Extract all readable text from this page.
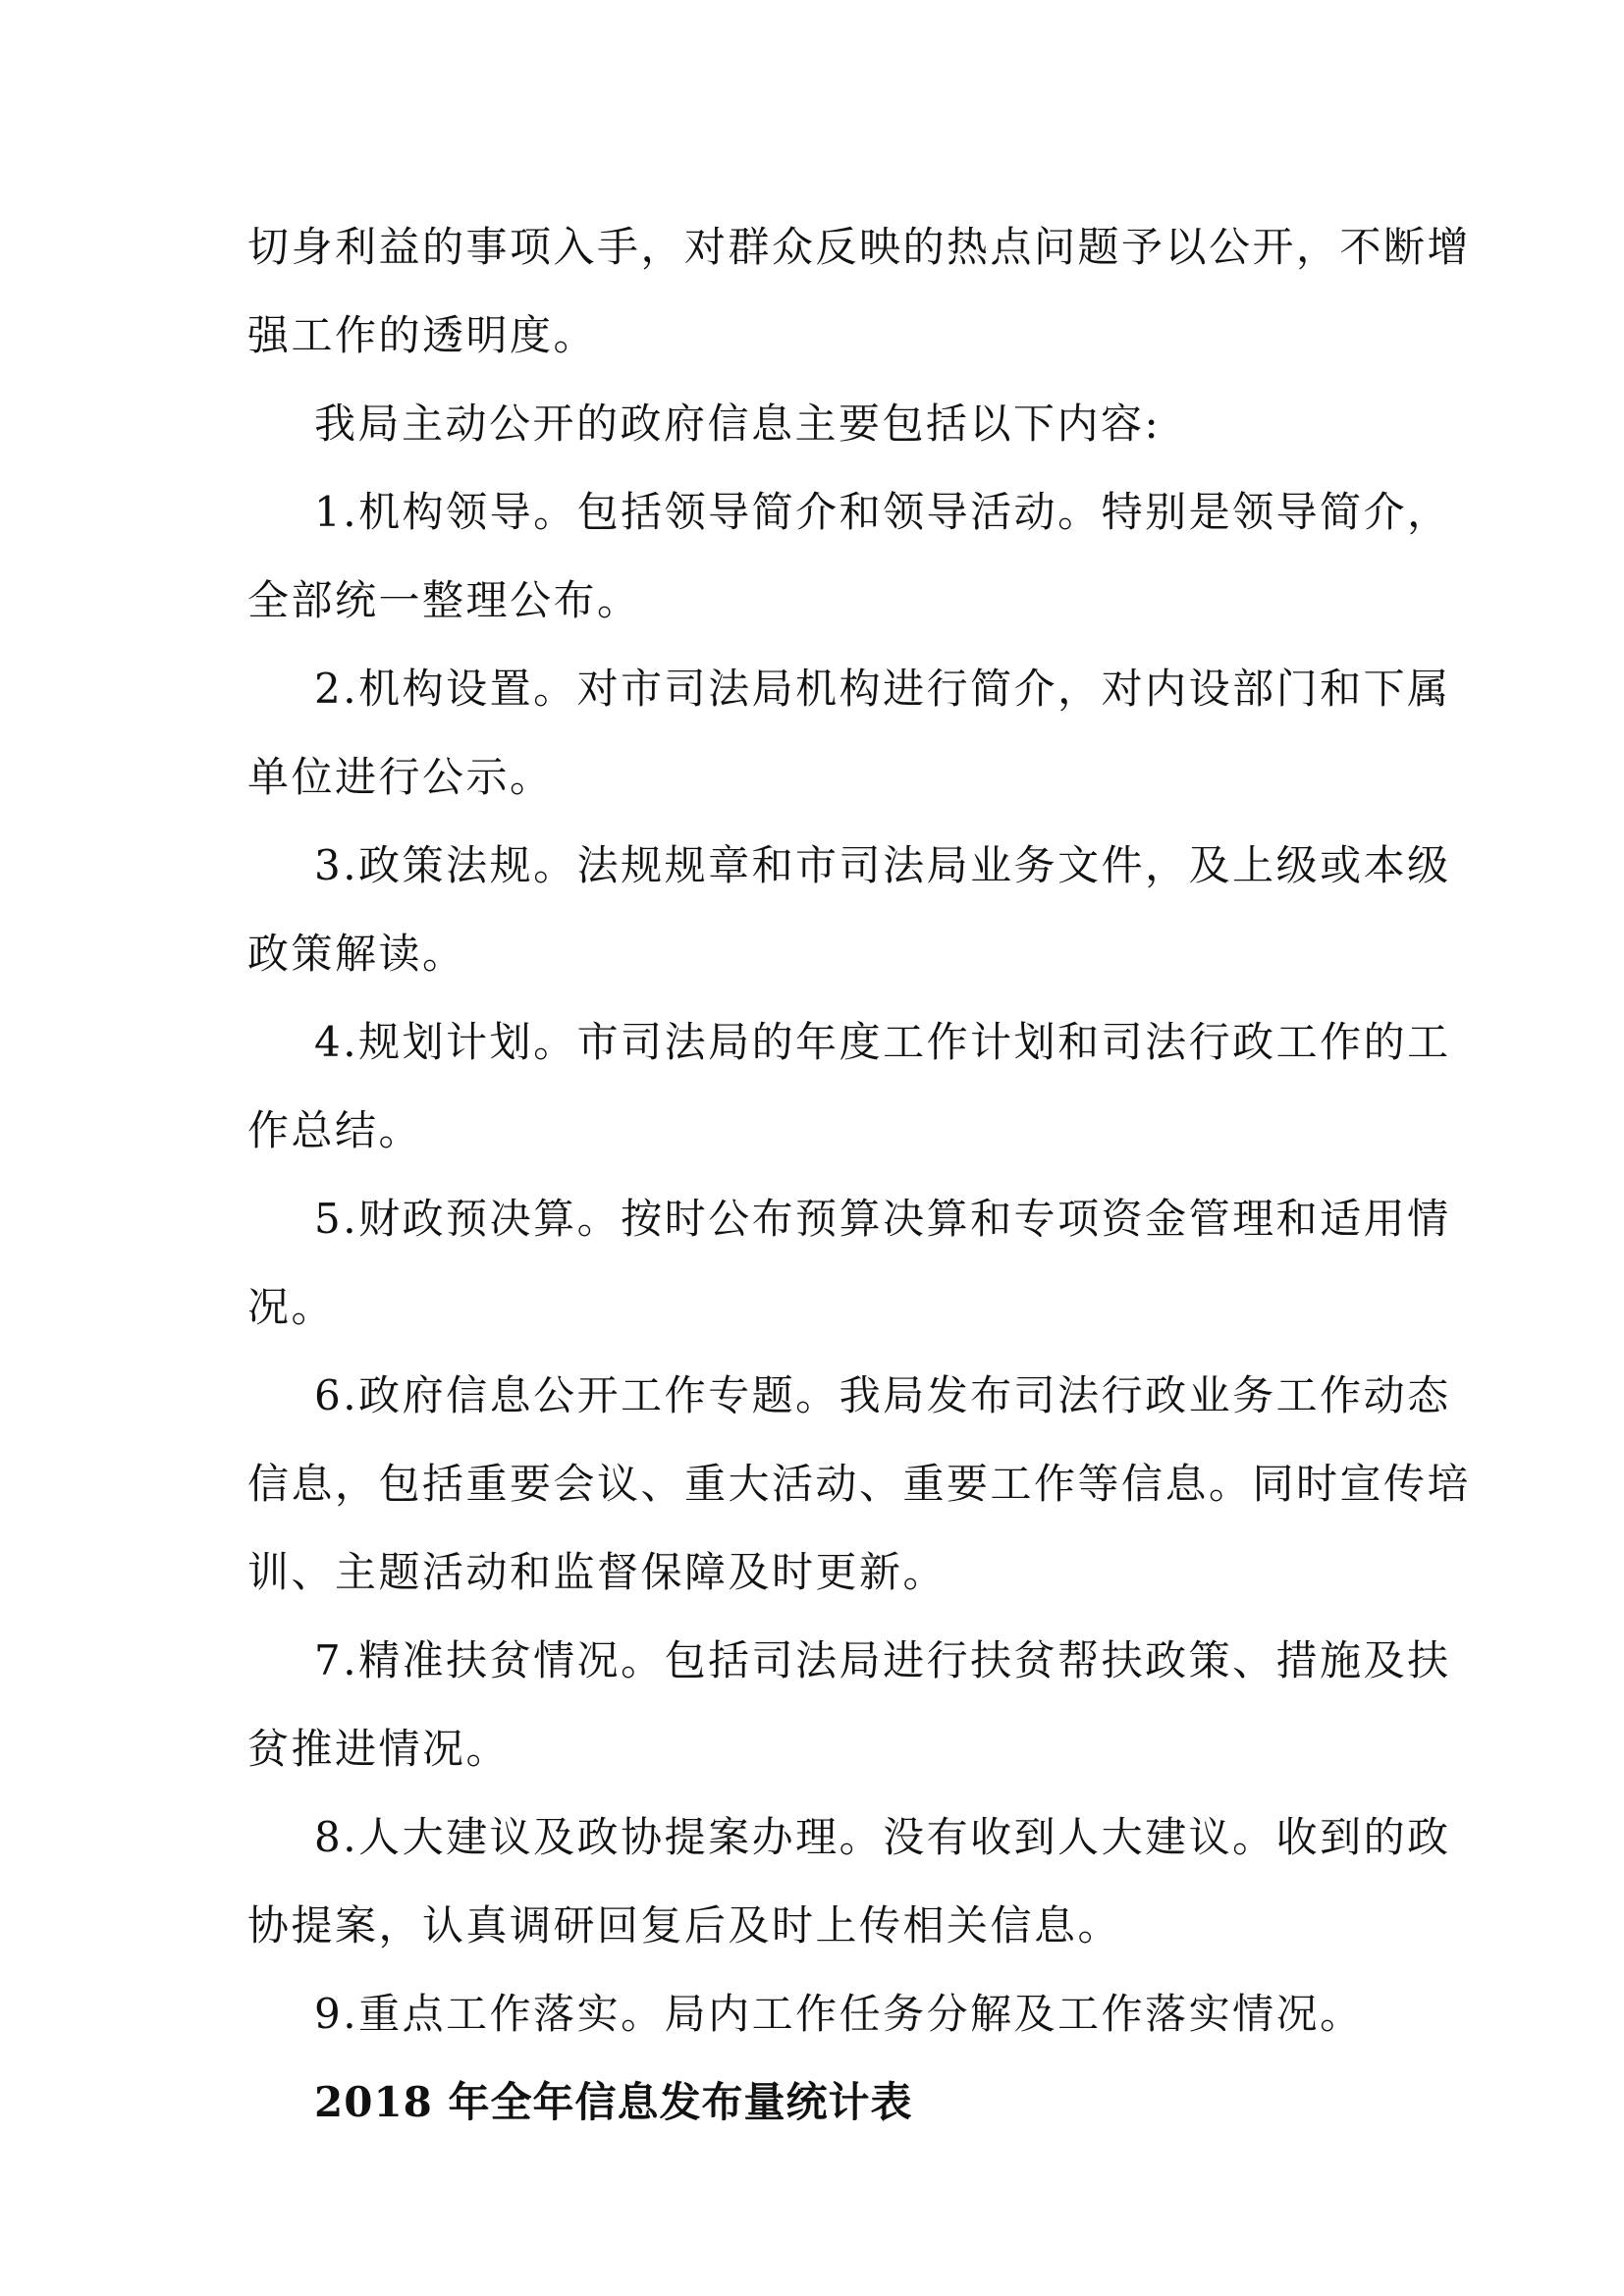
切身利益的事项入手，对群众反映的热点问题予以公开，不断增
强工作的透明度。
我局主动公开的政府信息主要包括以下内容:
1.机构领导。包括领导简介和领导活动。特别是领导简介，
全部统一整理公布。
2.机构设置。对市司法局机构进行简介，对内设部门和下属
单位进行公示。
3.政策法规。法规规章和市司法局业务文件，及上级或本级
政策解读。
4.规划计划。市司法局的年度工作计划和司法行政工作的工
作总结。
5.财政预决算。按时公布预算决算和专项资金管理和适用情
况。
6.政府信息公开工作专题。我局发布司法行政业务工作动态
信息，包括重要会议、重大活动、重要工作等信息。同时宣传培
训、主题活动和监督保障及时更新。
7.精准扶贫情况。包括司法局进行扶贫帮扶政策、措施及扶
贫推进情况。
8.人大建议及政协提案办理。没有收到人大建议。收到的政
协提案，认真调研回复后及时上传相关信息。
9.重点工作落实。局内工作任务分解及工作落实情况。
2018 年全年信息发布量统计表
